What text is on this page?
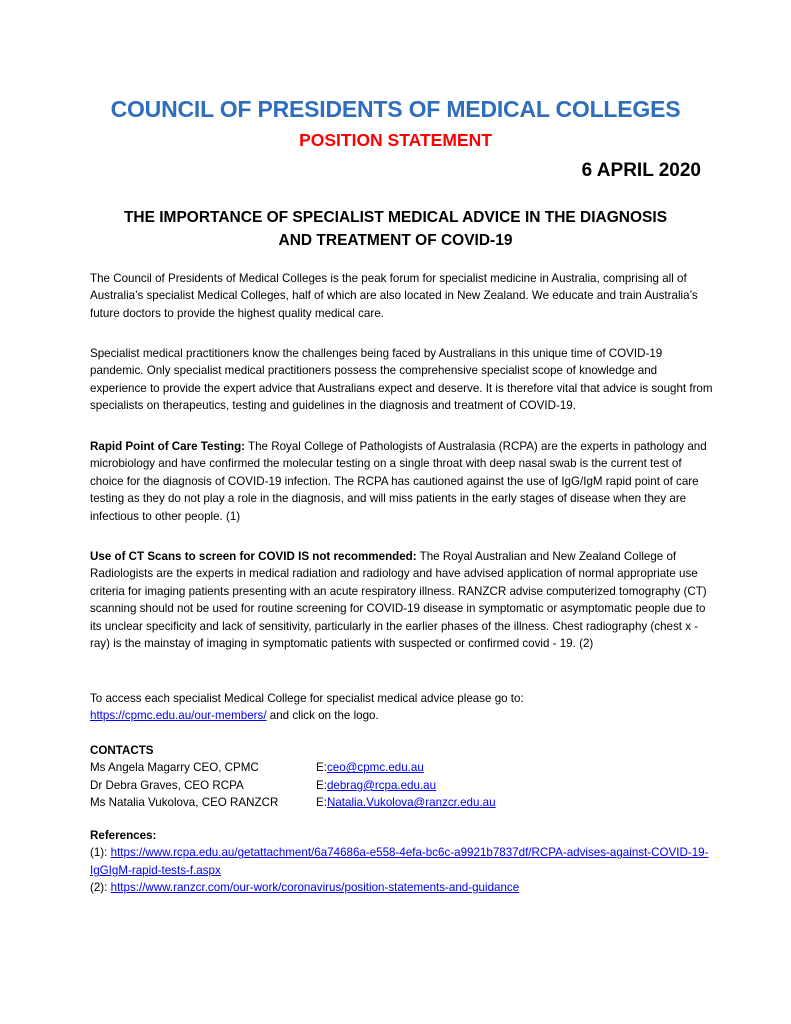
COUNCIL OF PRESIDENTS OF MEDICAL COLLEGES
POSITION STATEMENT
6 APRIL 2020
THE IMPORTANCE OF SPECIALIST MEDICAL ADVICE IN THE DIAGNOSIS
AND TREATMENT OF COVID-19
The Council of Presidents of Medical Colleges is the peak forum for specialist medicine in Australia, comprising all of Australia’s specialist Medical Colleges, half of which are also located in New Zealand. We educate and train Australia’s future doctors to provide the highest quality medical care.
Specialist medical practitioners know the challenges being faced by Australians in this unique time of COVID-19 pandemic. Only specialist medical practitioners possess the comprehensive specialist scope of knowledge and experience to provide the expert advice that Australians expect and deserve. It is therefore vital that advice is sought from specialists on therapeutics, testing and guidelines in the diagnosis and treatment of COVID-19.
Rapid Point of Care Testing: The Royal College of Pathologists of Australasia (RCPA) are the experts in pathology and microbiology and have confirmed the molecular testing on a single throat with deep nasal swab is the current test of choice for the diagnosis of COVID-19 infection. The RCPA has cautioned against the use of IgG/IgM rapid point of care testing as they do not play a role in the diagnosis, and will miss patients in the early stages of disease when they are infectious to other people. (1)
Use of CT Scans to screen for COVID IS not recommended: The Royal Australian and New Zealand College of Radiologists are the experts in medical radiation and radiology and have advised application of normal appropriate use criteria for imaging patients presenting with an acute respiratory illness. RANZCR advise computerized tomography (CT) scanning should not be used for routine screening for COVID-19 disease in symptomatic or asymptomatic people due to its unclear specificity and lack of sensitivity, particularly in the earlier phases of the illness. Chest radiography (chest x - ray) is the mainstay of imaging in symptomatic patients with suspected or confirmed covid - 19. (2)
To access each specialist Medical College for specialist medical advice please go to:
https://cpmc.edu.au/our-members/ and click on the logo.
CONTACTS
Ms Angela Magarry CEO, CPMC	E: ceo@cpmc.edu.au
Dr Debra Graves, CEO RCPA	E: debrag@rcpa.edu.au
Ms Natalia Vukolova, CEO RANZCR	E: Natalia.Vukolova@ranzcr.edu.au
References:
(1): https://www.rcpa.edu.au/getattachment/6a74686a-e558-4efa-bc6c-a9921b7837df/RCPA-advises-against-COVID-19-IgGIgM-rapid-tests-f.aspx
(2): https://www.ranzcr.com/our-work/coronavirus/position-statements-and-guidance
